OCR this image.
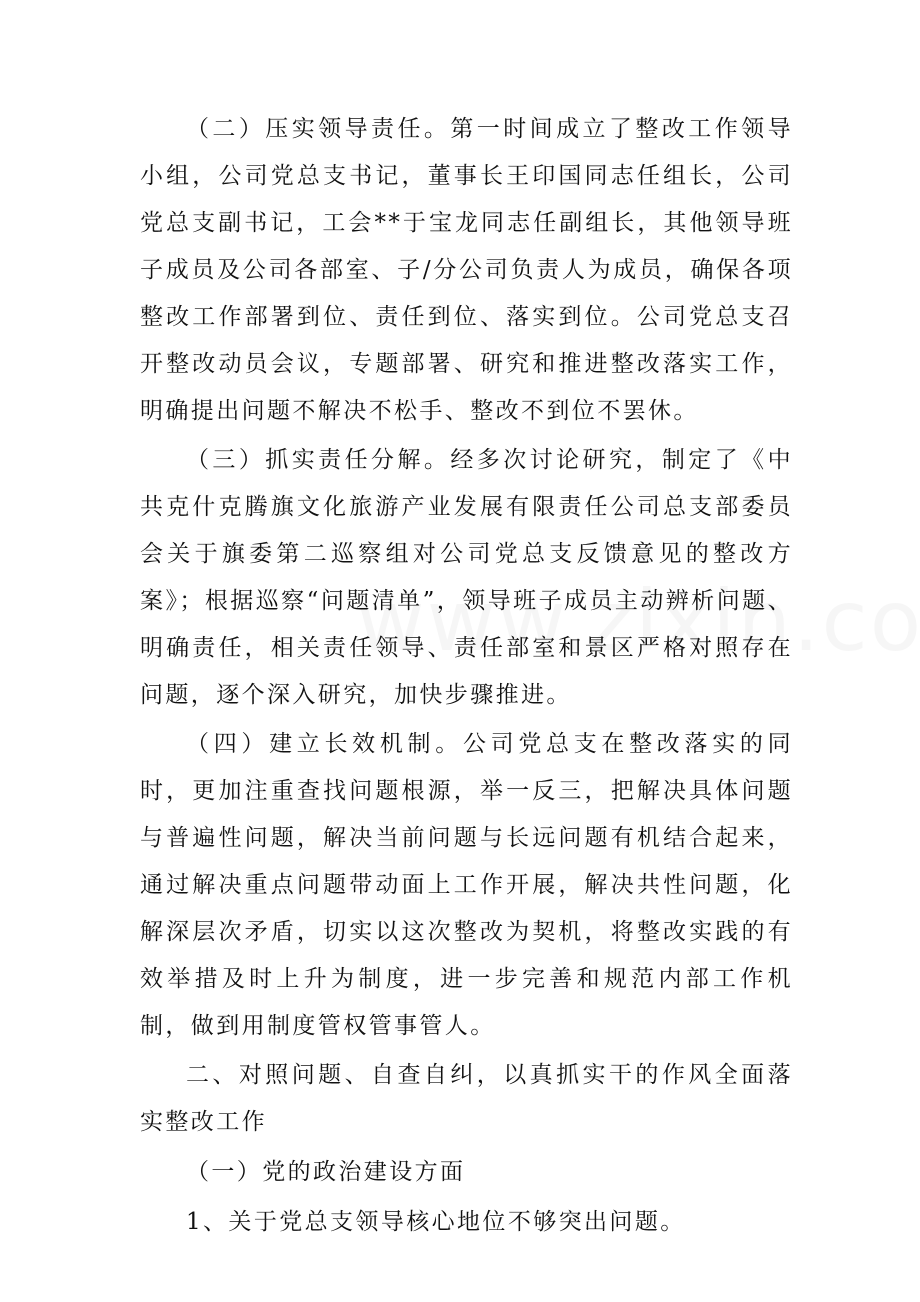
（二）压实领导责任。第一时间成立了整改工作领导小组，公司党总支书记，董事长王印国同志任组长，公司党总支副书记，工会**于宝龙同志任副组长，其他领导班子成员及公司各部室、子/分公司负责人为成员，确保各项整改工作部署到位、责任到位、落实到位。公司党总支召开整改动员会议，专题部署、研究和推进整改落实工作，明确提出问题不解决不松手、整改不到位不罢休。

（三）抓实责任分解。经多次讨论研究，制定了《中共克什克腾旗文化旅游产业发展有限责任公司总支部委员会关于旗委第二巡察组对公司党总支反馈意见的整改方案》；根据巡察“问题清单”，领导班子成员主动辨析问题、明确责任，相关责任领导、责任部室和景区严格对照存在问题，逐个深入研究，加快步骤推进。

（四）建立长效机制。公司党总支在整改落实的同时，更加注重查找问题根源，举一反三，把解决具体问题与普遍性问题，解决当前问题与长远问题有机结合起来，通过解决重点问题带动面上工作开展，解决共性问题，化解深层次矛盾，切实以这次整改为契机，将整改实践的有效举措及时上升为制度，进一步完善和规范内部工作机制，做到用制度管权管事管人。

二、对照问题、自查自纠，以真抓实干的作风全面落实整改工作

（一）党的政治建设方面

1、关于党总支领导核心地位不够突出问题。
